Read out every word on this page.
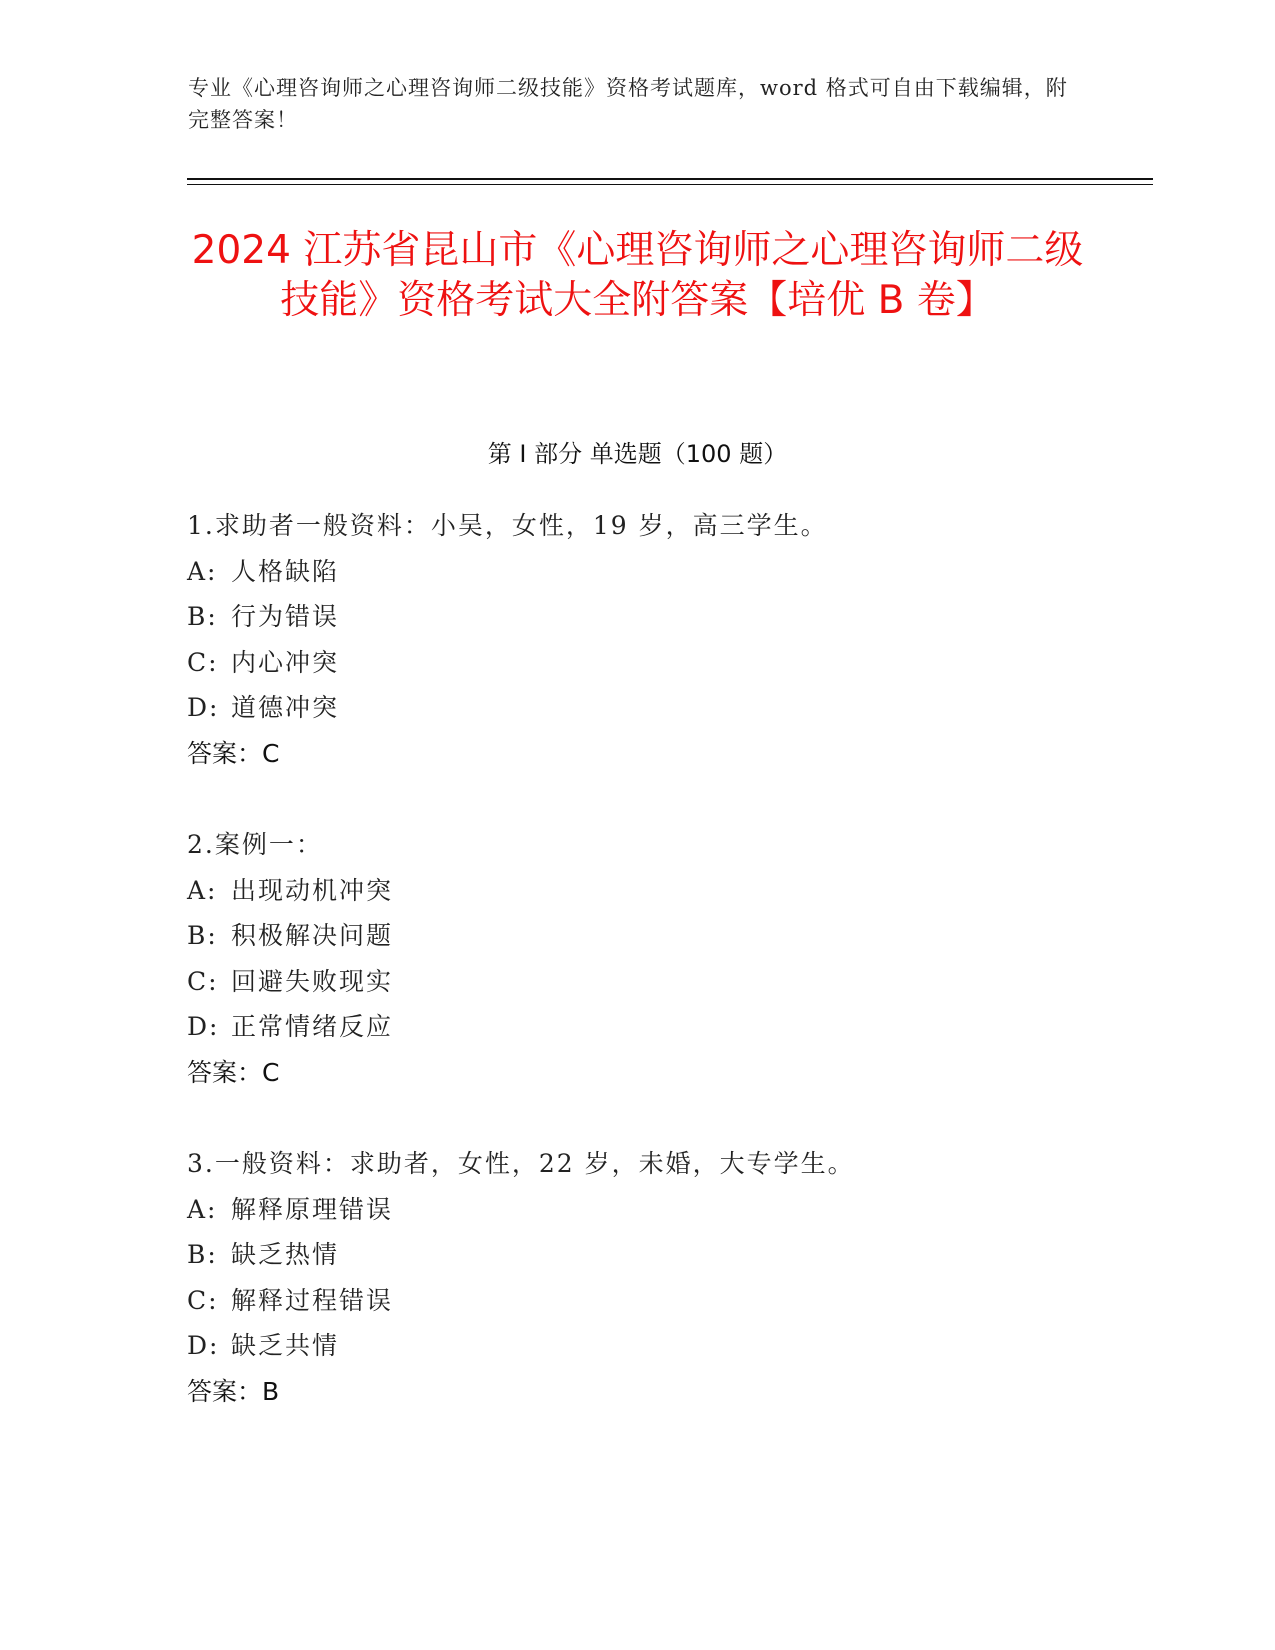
专业《心理咨询师之心理咨询师二级技能》资格考试题库，word 格式可自由下载编辑，附完整答案！
2024 江苏省昆山市《心理咨询师之心理咨询师二级技能》资格考试大全附答案【培优 B 卷】
第 I 部分 单选题（100 题）
1.求助者一般资料：小吴，女性，19 岁，高三学生。
A: 人格缺陷
B: 行为错误
C: 内心冲突
D: 道德冲突
答案：C
2.案例一：
A: 出现动机冲突
B: 积极解决问题
C: 回避失败现实
D: 正常情绪反应
答案：C
3.一般资料：求助者，女性，22 岁，未婚，大专学生。
A: 解释原理错误
B: 缺乏热情
C: 解释过程错误
D: 缺乏共情
答案：B
